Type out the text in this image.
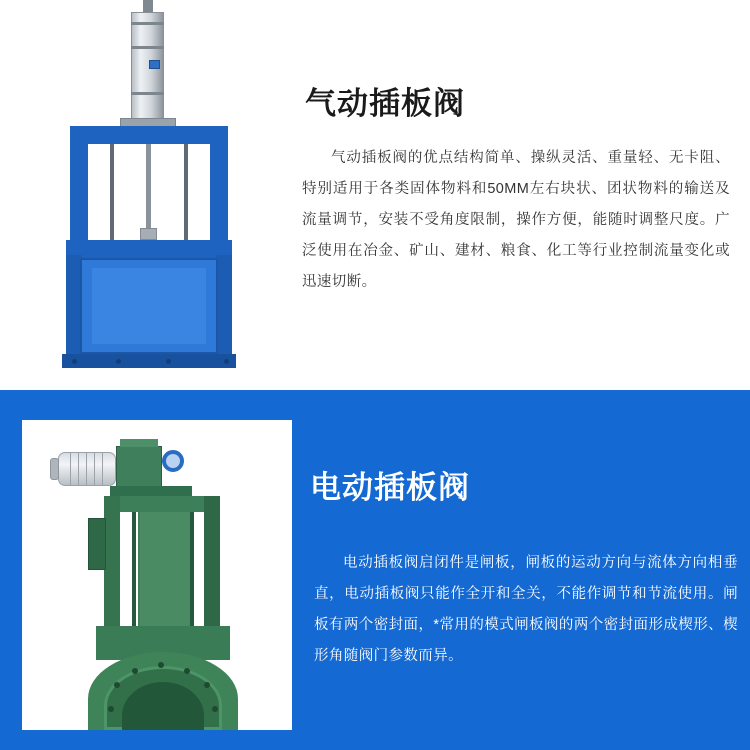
气动插板阀
气动插板阀的优点结构简单、操纵灵活、重量轻、无卡阻、特别适用于各类固体物料和50MM左右块状、团状物料的输送及流量调节，安装不受角度限制，操作方便，能随时调整尺度。广泛使用在冶金、矿山、建材、粮食、化工等行业控制流量变化或迅速切断。
电动插板阀
电动插板阀启闭件是闸板，闸板的运动方向与流体方向相垂直，电动插板阀只能作全开和全关，不能作调节和节流使用。闸板有两个密封面，*常用的模式闸板阀的两个密封面形成楔形、楔形角随阀门参数而异。
